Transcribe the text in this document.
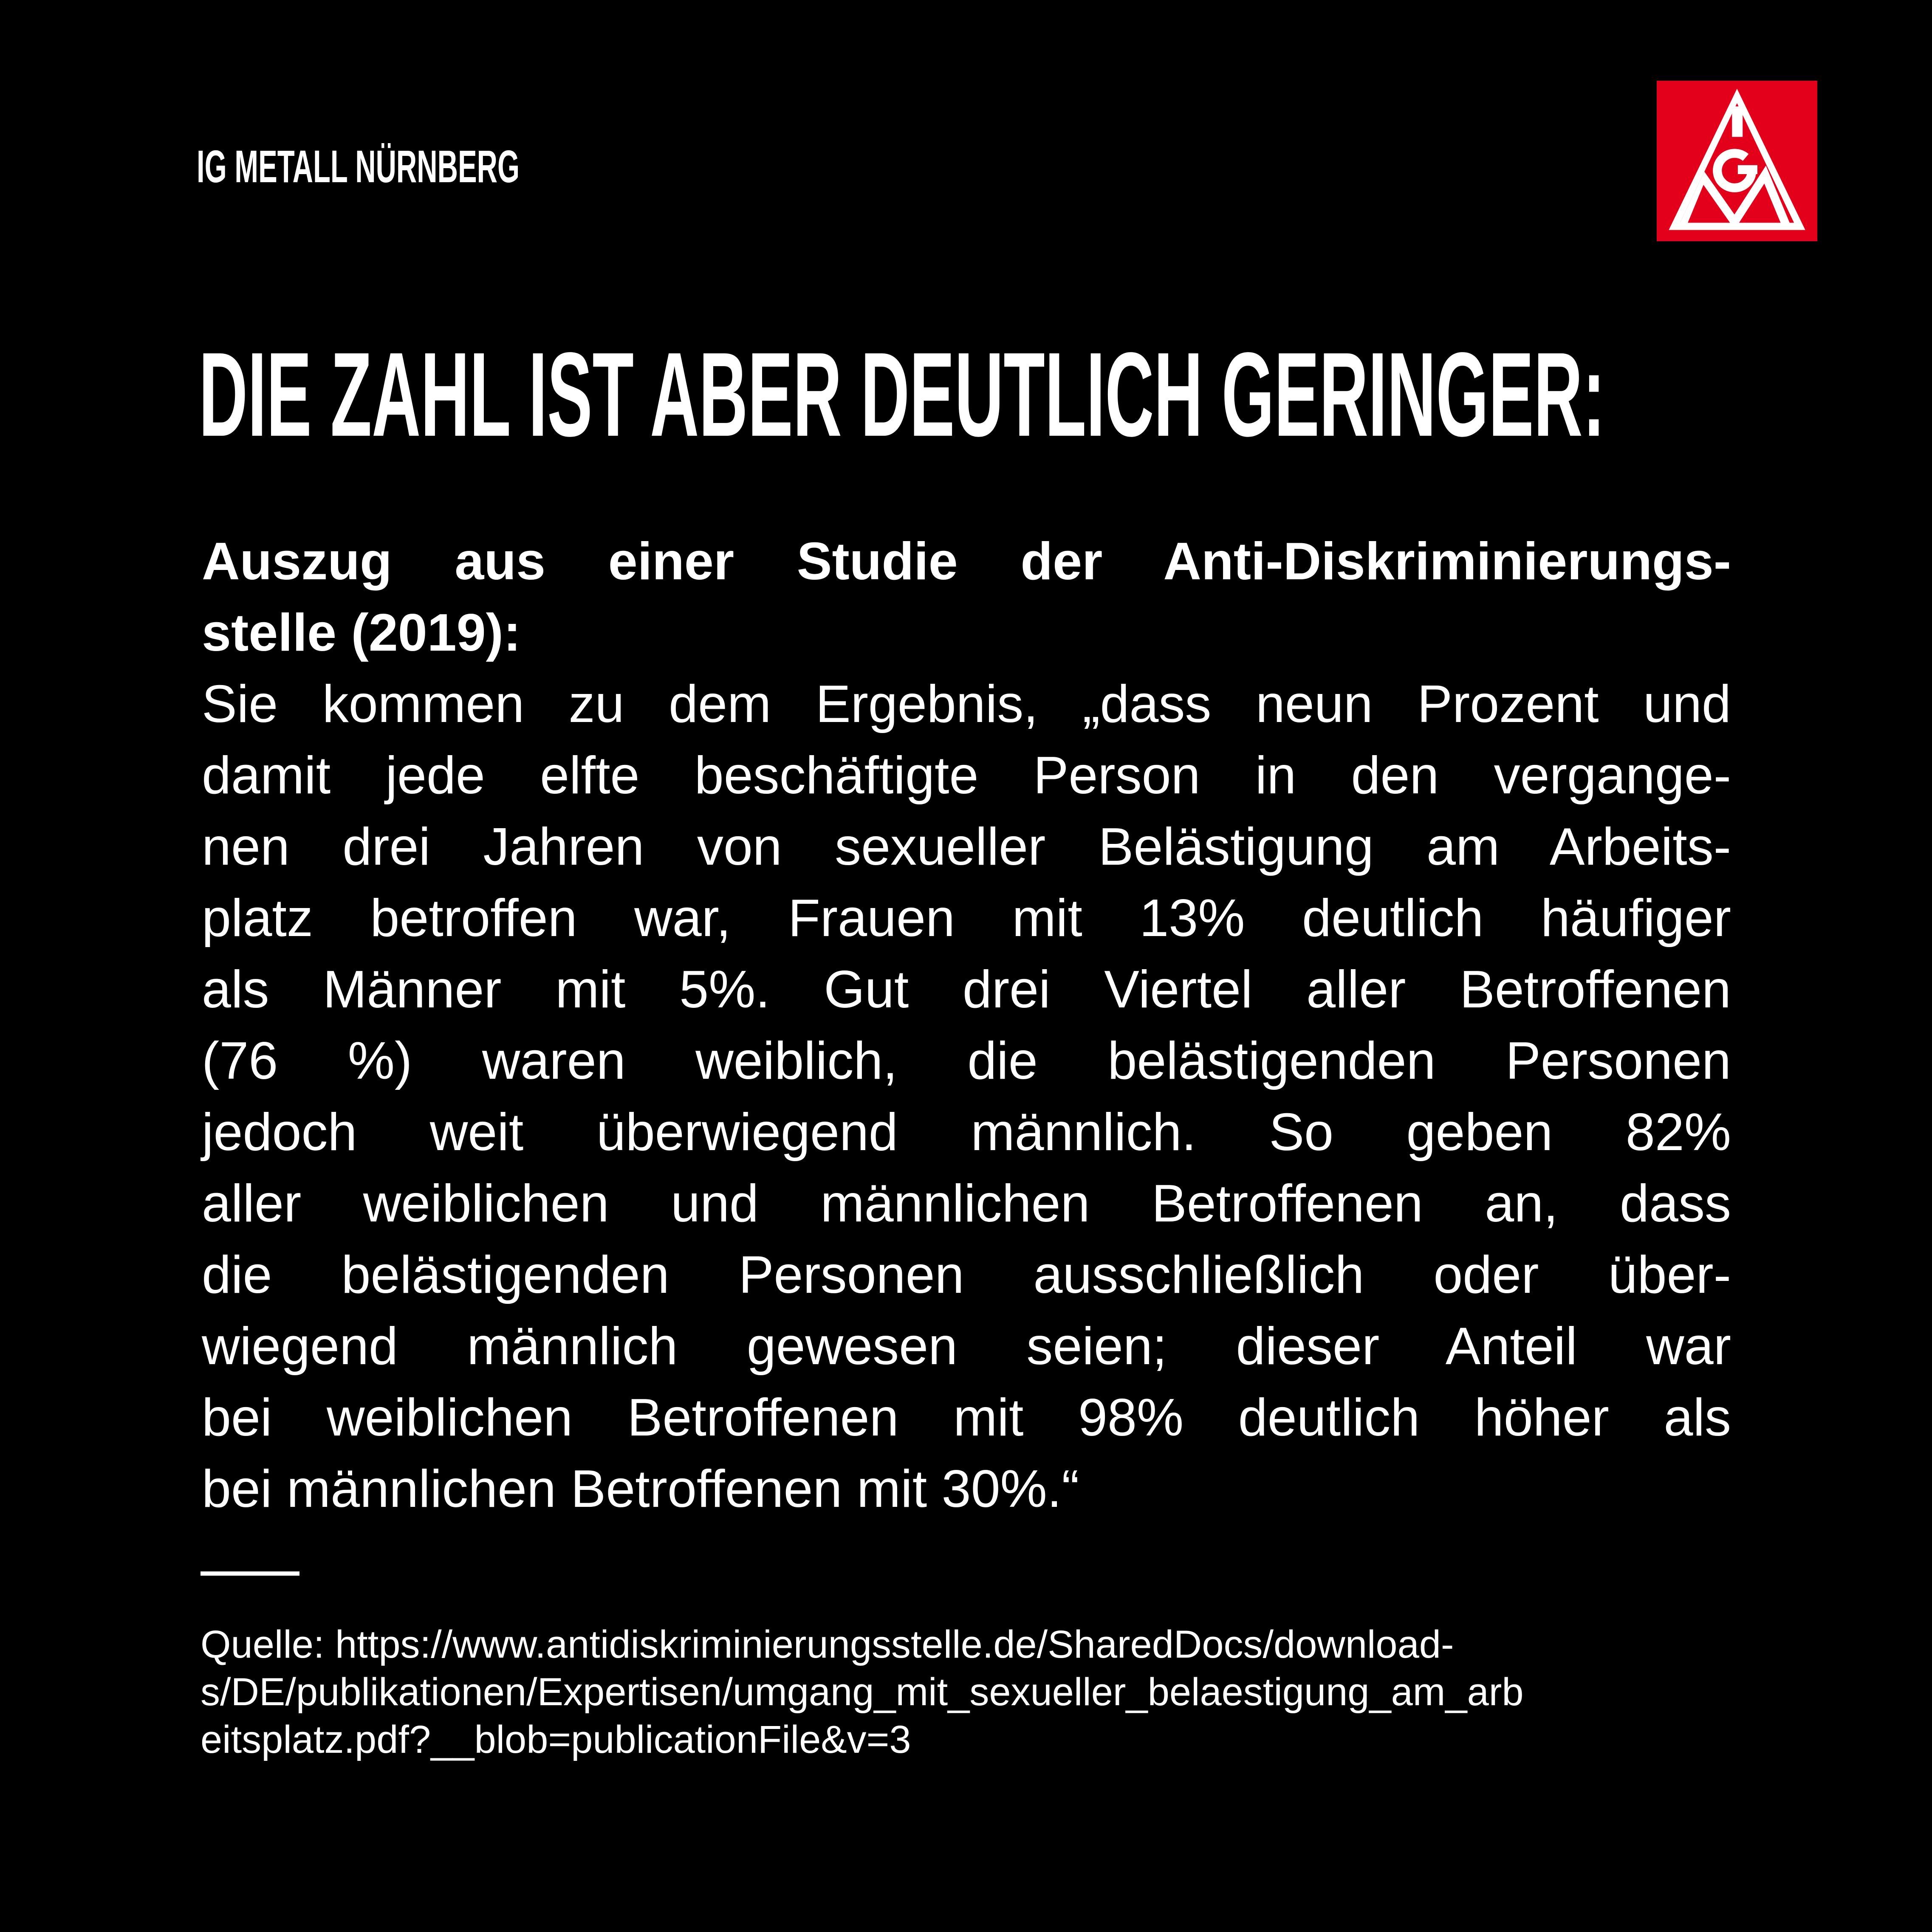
IG METALL NÜRNBERG
DIE ZAHL IST ABER DEUTLICH GERINGER:
Auszug aus einer Studie der Anti-Diskriminierungs-
stelle (2019):
Sie kommen zu dem Ergebnis, „dass neun Prozent und
damit jede elfte beschäftigte Person in den vergange-
nen drei Jahren von sexueller Belästigung am Arbeits-
platz betroffen war, Frauen mit 13% deutlich häufiger
als Männer mit 5%. Gut drei Viertel aller Betroffenen
(76 %) waren weiblich, die belästigenden Personen
jedoch weit überwiegend männlich. So geben 82%
aller weiblichen und männlichen Betroffenen an, dass
die belästigenden Personen ausschließlich oder über-
wiegend männlich gewesen seien; dieser Anteil war
bei weiblichen Betroffenen mit 98% deutlich höher als
bei männlichen Betroffenen mit 30%.“
Quelle: https://www.antidiskriminierungsstelle.de/SharedDocs/download-
s/DE/publikationen/Expertisen/umgang_mit_sexueller_belaestigung_am_arb
eitsplatz.pdf?__blob=publicationFile&v=3
